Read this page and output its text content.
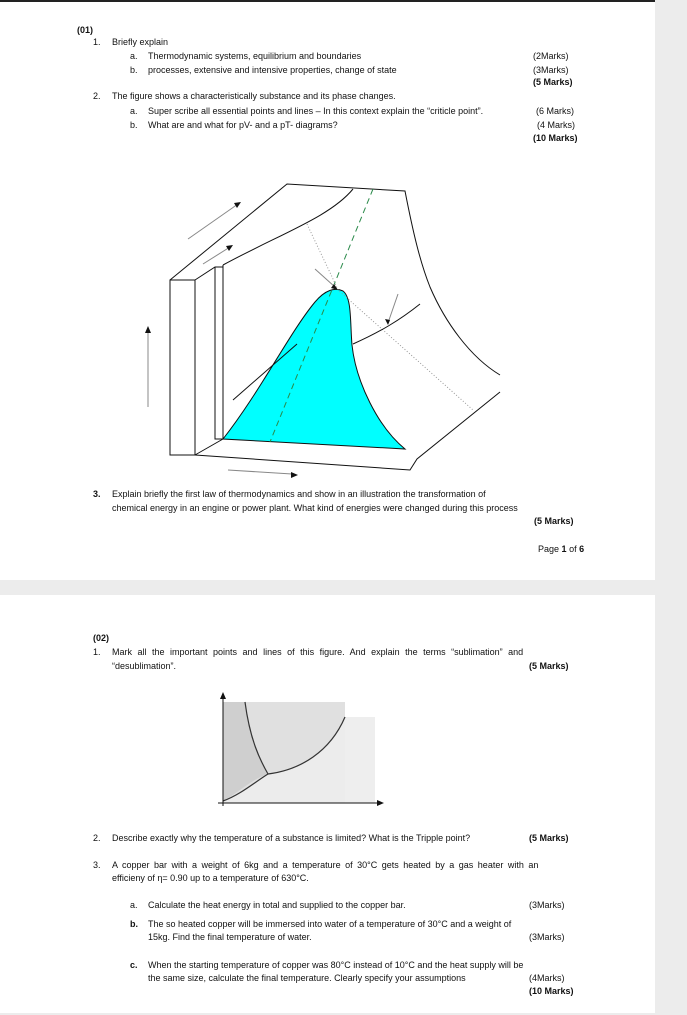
(01)
1. Briefly explain
a. Thermodynamic systems, equilibrium and boundaries	(2Marks)
b. processes, extensive and intensive properties, change of state	(3Marks)
(5 Marks)
2. The figure shows a characteristically substance and its phase changes.
a. Super scribe all essential points and lines – In this context explain the “criticle point”.	(6 Marks)
b. What are and what for pV- and a pT- diagrams?	(4 Marks)
(10 Marks)
3. Explain briefly the first law of thermodynamics and show in an illustration the transformation of
chemical energy in an engine or power plant. What kind of energies were changed during this process
(5 Marks)
Page 1 of 6
(02)
1. Mark all the important points and lines of this figure. And explain the terms “sublimation” and
“desublimation”.	(5 Marks)
2. Describe exactly why the temperature of a substance is limited? What is the Tripple point?	(5 Marks)
3. A copper bar with a weight of 6kg and a temperature of 30°C gets heated by a gas heater with an
efficieny of η= 0.90 up to a temperature of 630°C.
a. Calculate the heat energy in total and supplied to the copper bar.	(3Marks)
b. The so heated copper will be immersed into water of a temperature of 30°C and a weight of
15kg. Find the final temperature of water.	(3Marks)
c. When the starting temperature of copper was 80°C instead of 10°C and the heat supply will be
the same size, calculate the final temperature. Clearly specify your assumptions	(4Marks)
(10 Marks)
